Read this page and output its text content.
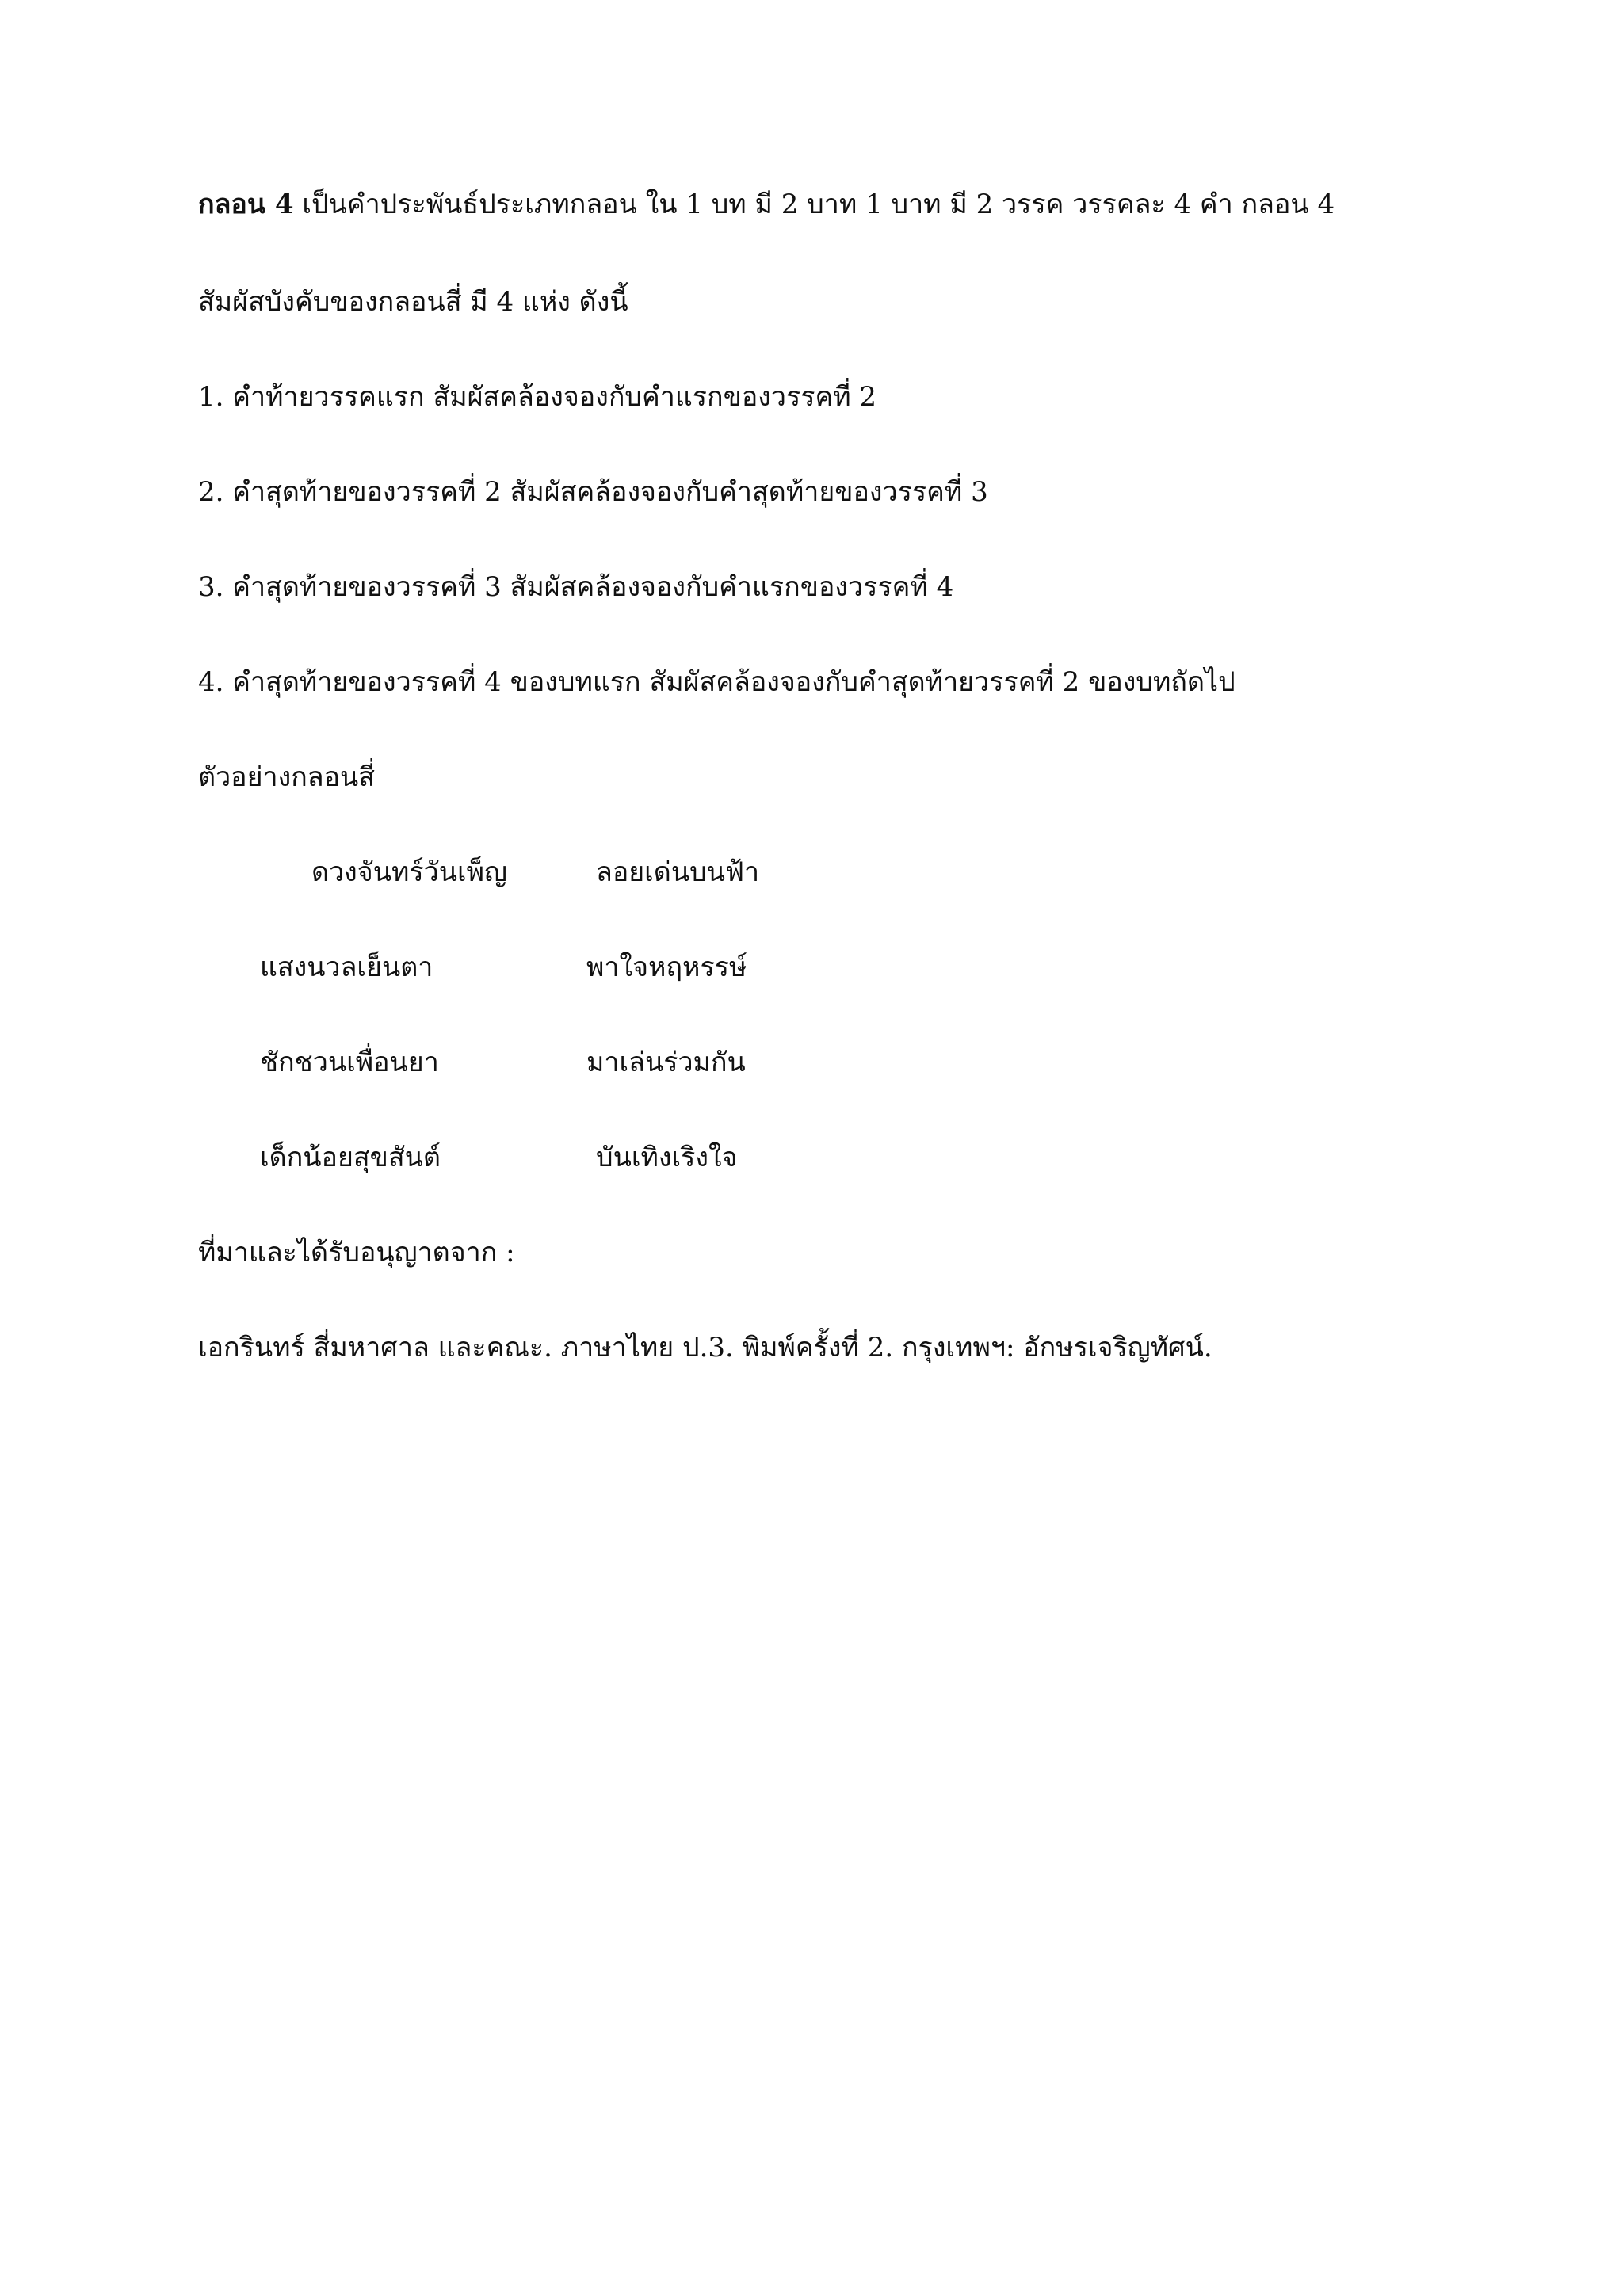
กลอน 4 เป็นคำประพันธ์ประเภทกลอน ใน 1 บท มี 2 บาท 1 บาท มี 2 วรรค วรรคละ 4 คำ กลอน 4
สัมผัสบังคับของกลอนสี่ มี 4 แห่ง ดังนี้
1. คำท้ายวรรคแรก สัมผัสคล้องจองกับคำแรกของวรรคที่ 2
2. คำสุดท้ายของวรรคที่ 2 สัมผัสคล้องจองกับคำสุดท้ายของวรรคที่ 3
3. คำสุดท้ายของวรรคที่ 3 สัมผัสคล้องจองกับคำแรกของวรรคที่ 4
4. คำสุดท้ายของวรรคที่ 4 ของบทแรก สัมผัสคล้องจองกับคำสุดท้ายวรรคที่ 2 ของบทถัดไป
ตัวอย่างกลอนสี่
ดวงจันทร์วันเพ็ญ	ลอยเด่นบนฟ้า
แสงนวลเย็นตา	พาใจหฤหรรษ์
ชักชวนเพื่อนยา	มาเล่นร่วมกัน
เด็กน้อยสุขสันต์	บันเทิงเริงใจ
ที่มาและได้รับอนุญาตจาก :
เอกรินทร์ สี่มหาศาล และคณะ. ภาษาไทย ป.3. พิมพ์ครั้งที่ 2. กรุงเทพฯ: อักษรเจริญทัศน์.
